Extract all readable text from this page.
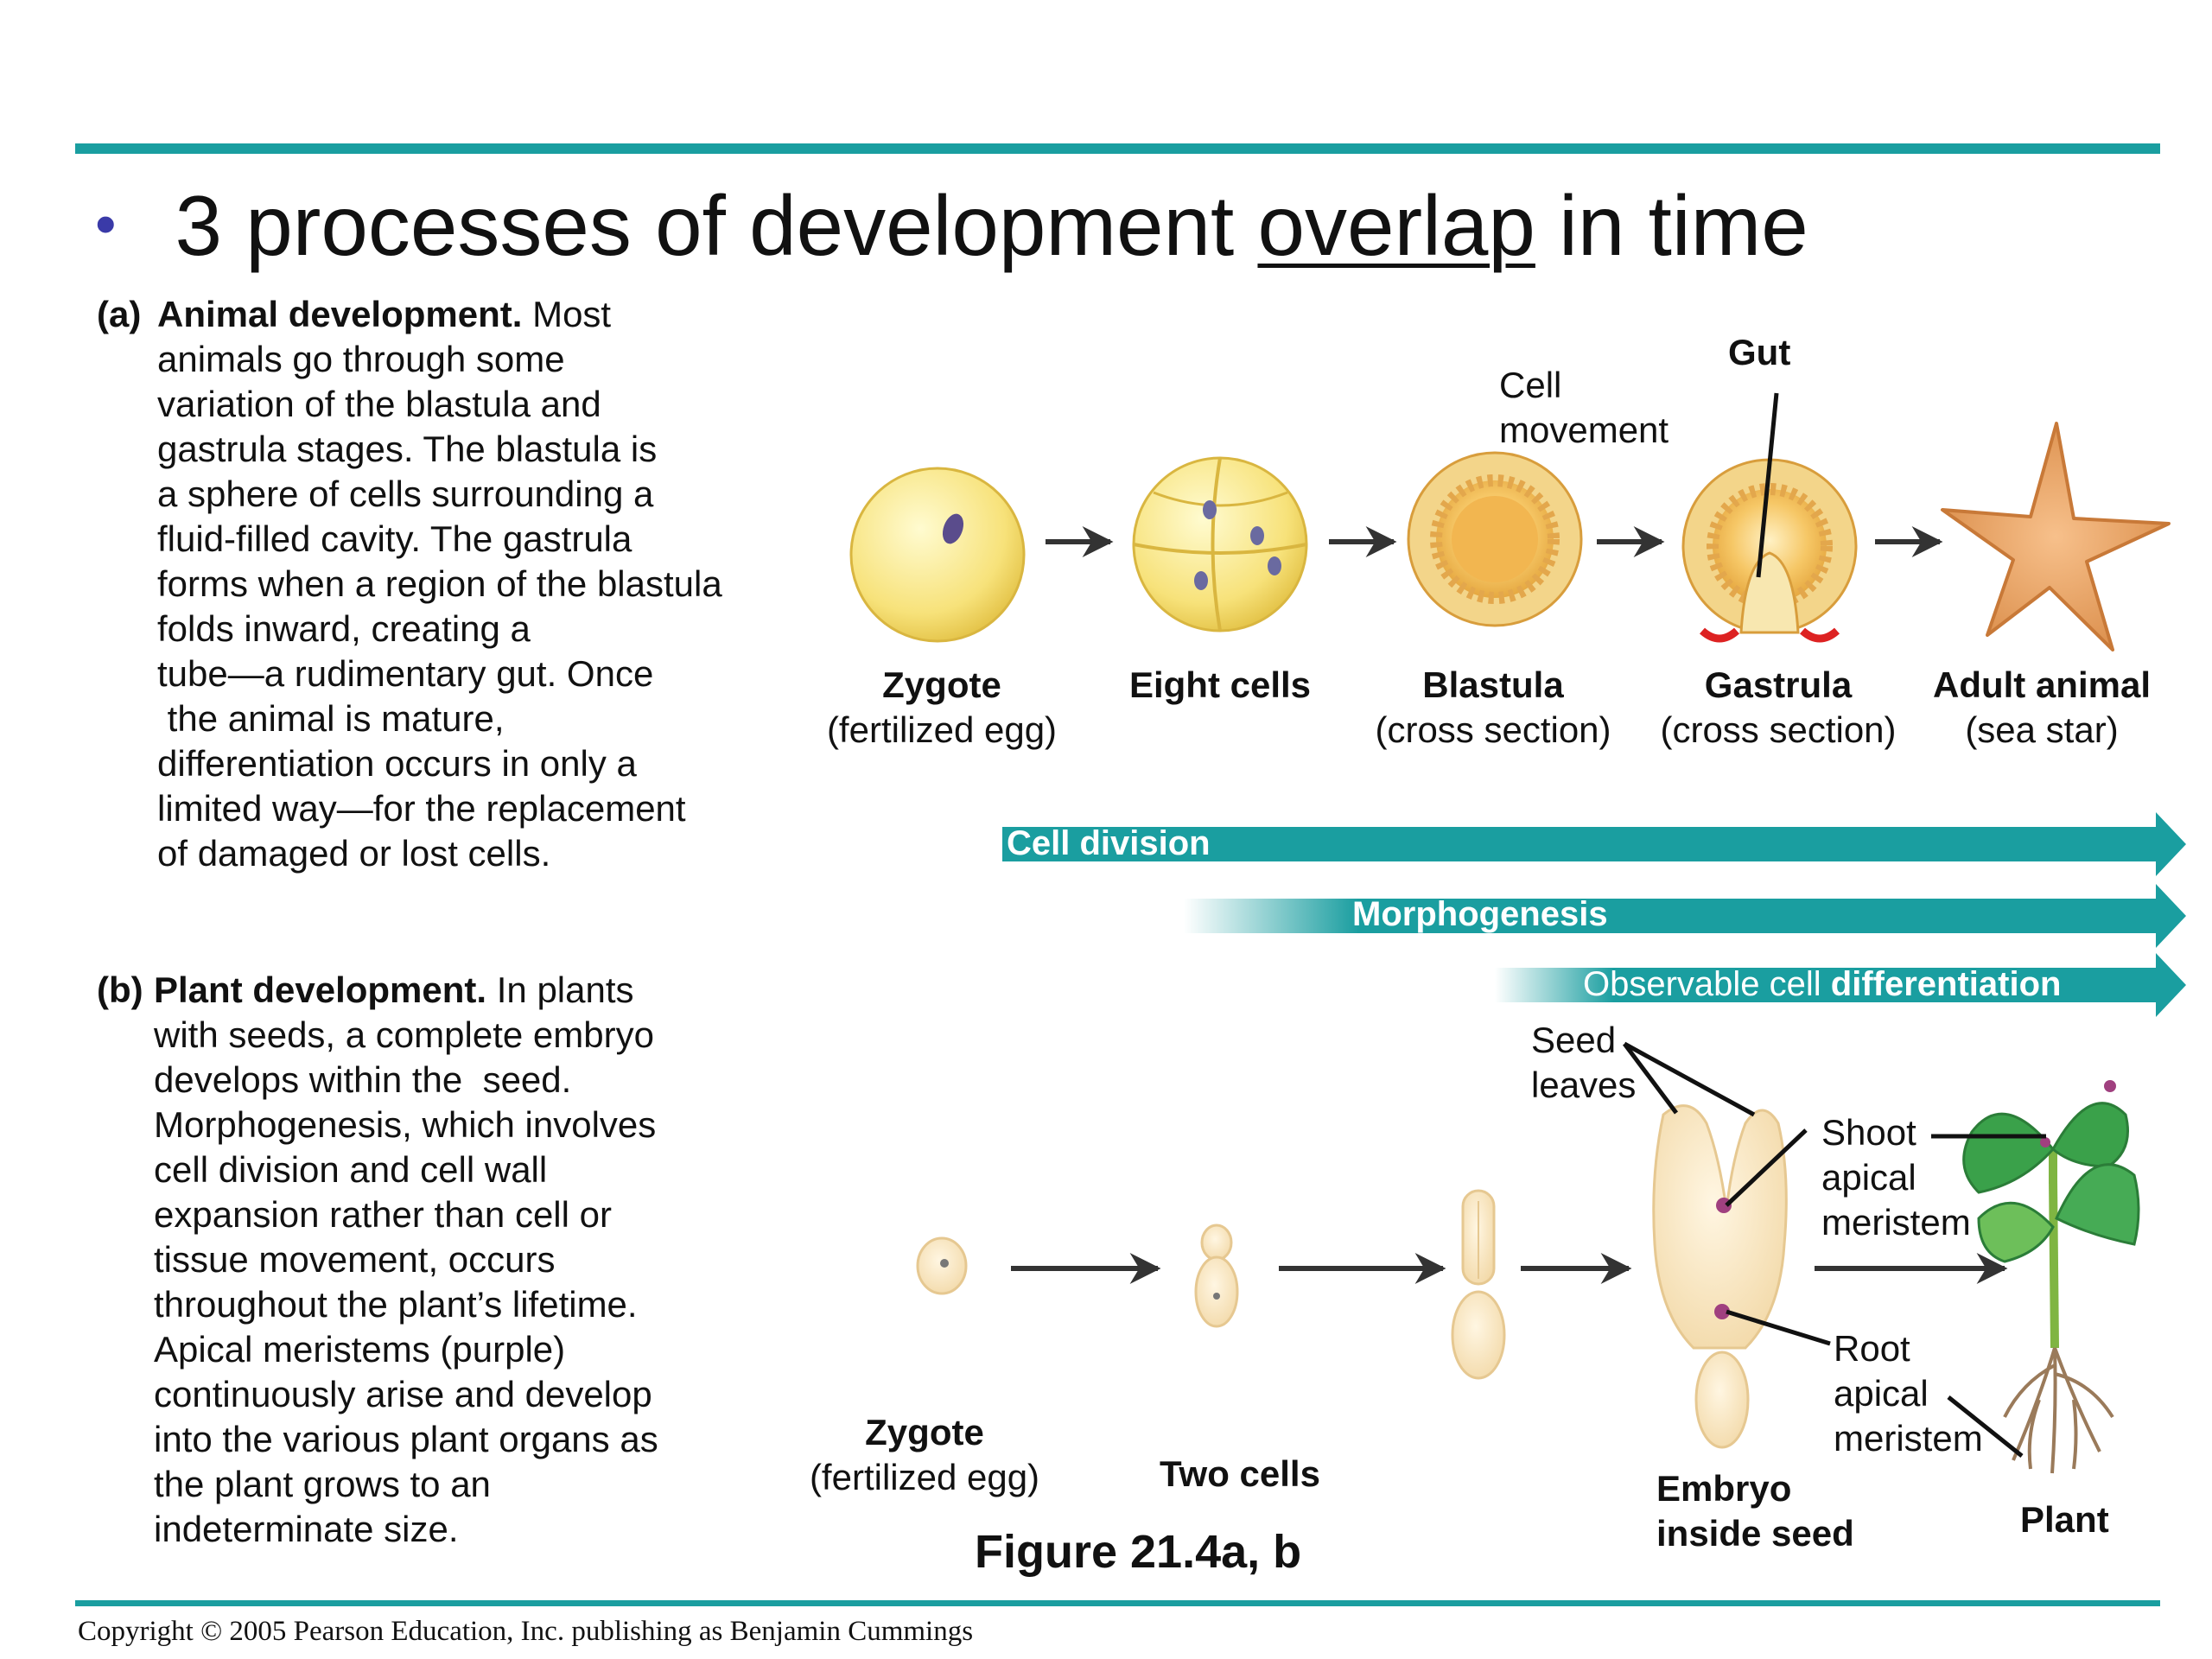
• 3 processes of development overlap in time
(a) Animal development. Most
animals go through some
variation of the blastula and
gastrula stages. The blastula is
a sphere of cells surrounding a
fluid-filled cavity. The gastrula
forms when a region of the blastula
folds inward, creating a
tube—a rudimentary gut. Once
the animal is mature,
differentiation occurs in only a
limited way—for the replacement
of damaged or lost cells.
(b) Plant development. In plants
with seeds, a complete embryo
develops within the  seed.
Morphogenesis, which involves
cell division and cell wall
expansion rather than cell or
tissue movement, occurs
throughout the plant’s lifetime.
Apical meristems (purple)
continuously arise and develop
into the various plant organs as
the plant grows to an
indeterminate size.
Cell division
Morphogenesis
Observable cell differentiation
Zygote
(fertilized egg)
Eight cells	Blastula
(cross section)
Gastrula
(cross section)
Adult animal
(sea star)
Cell
movement
Gut
Zygote
(fertilized egg)	Two cells	Embryo
inside seed	Plant
Seed
leaves
Shoot
apical
meristem
Root
apical
meristem
Figure 21.4a, b
Copyright © 2005 Pearson Education, Inc. publishing as Benjamin Cummings
